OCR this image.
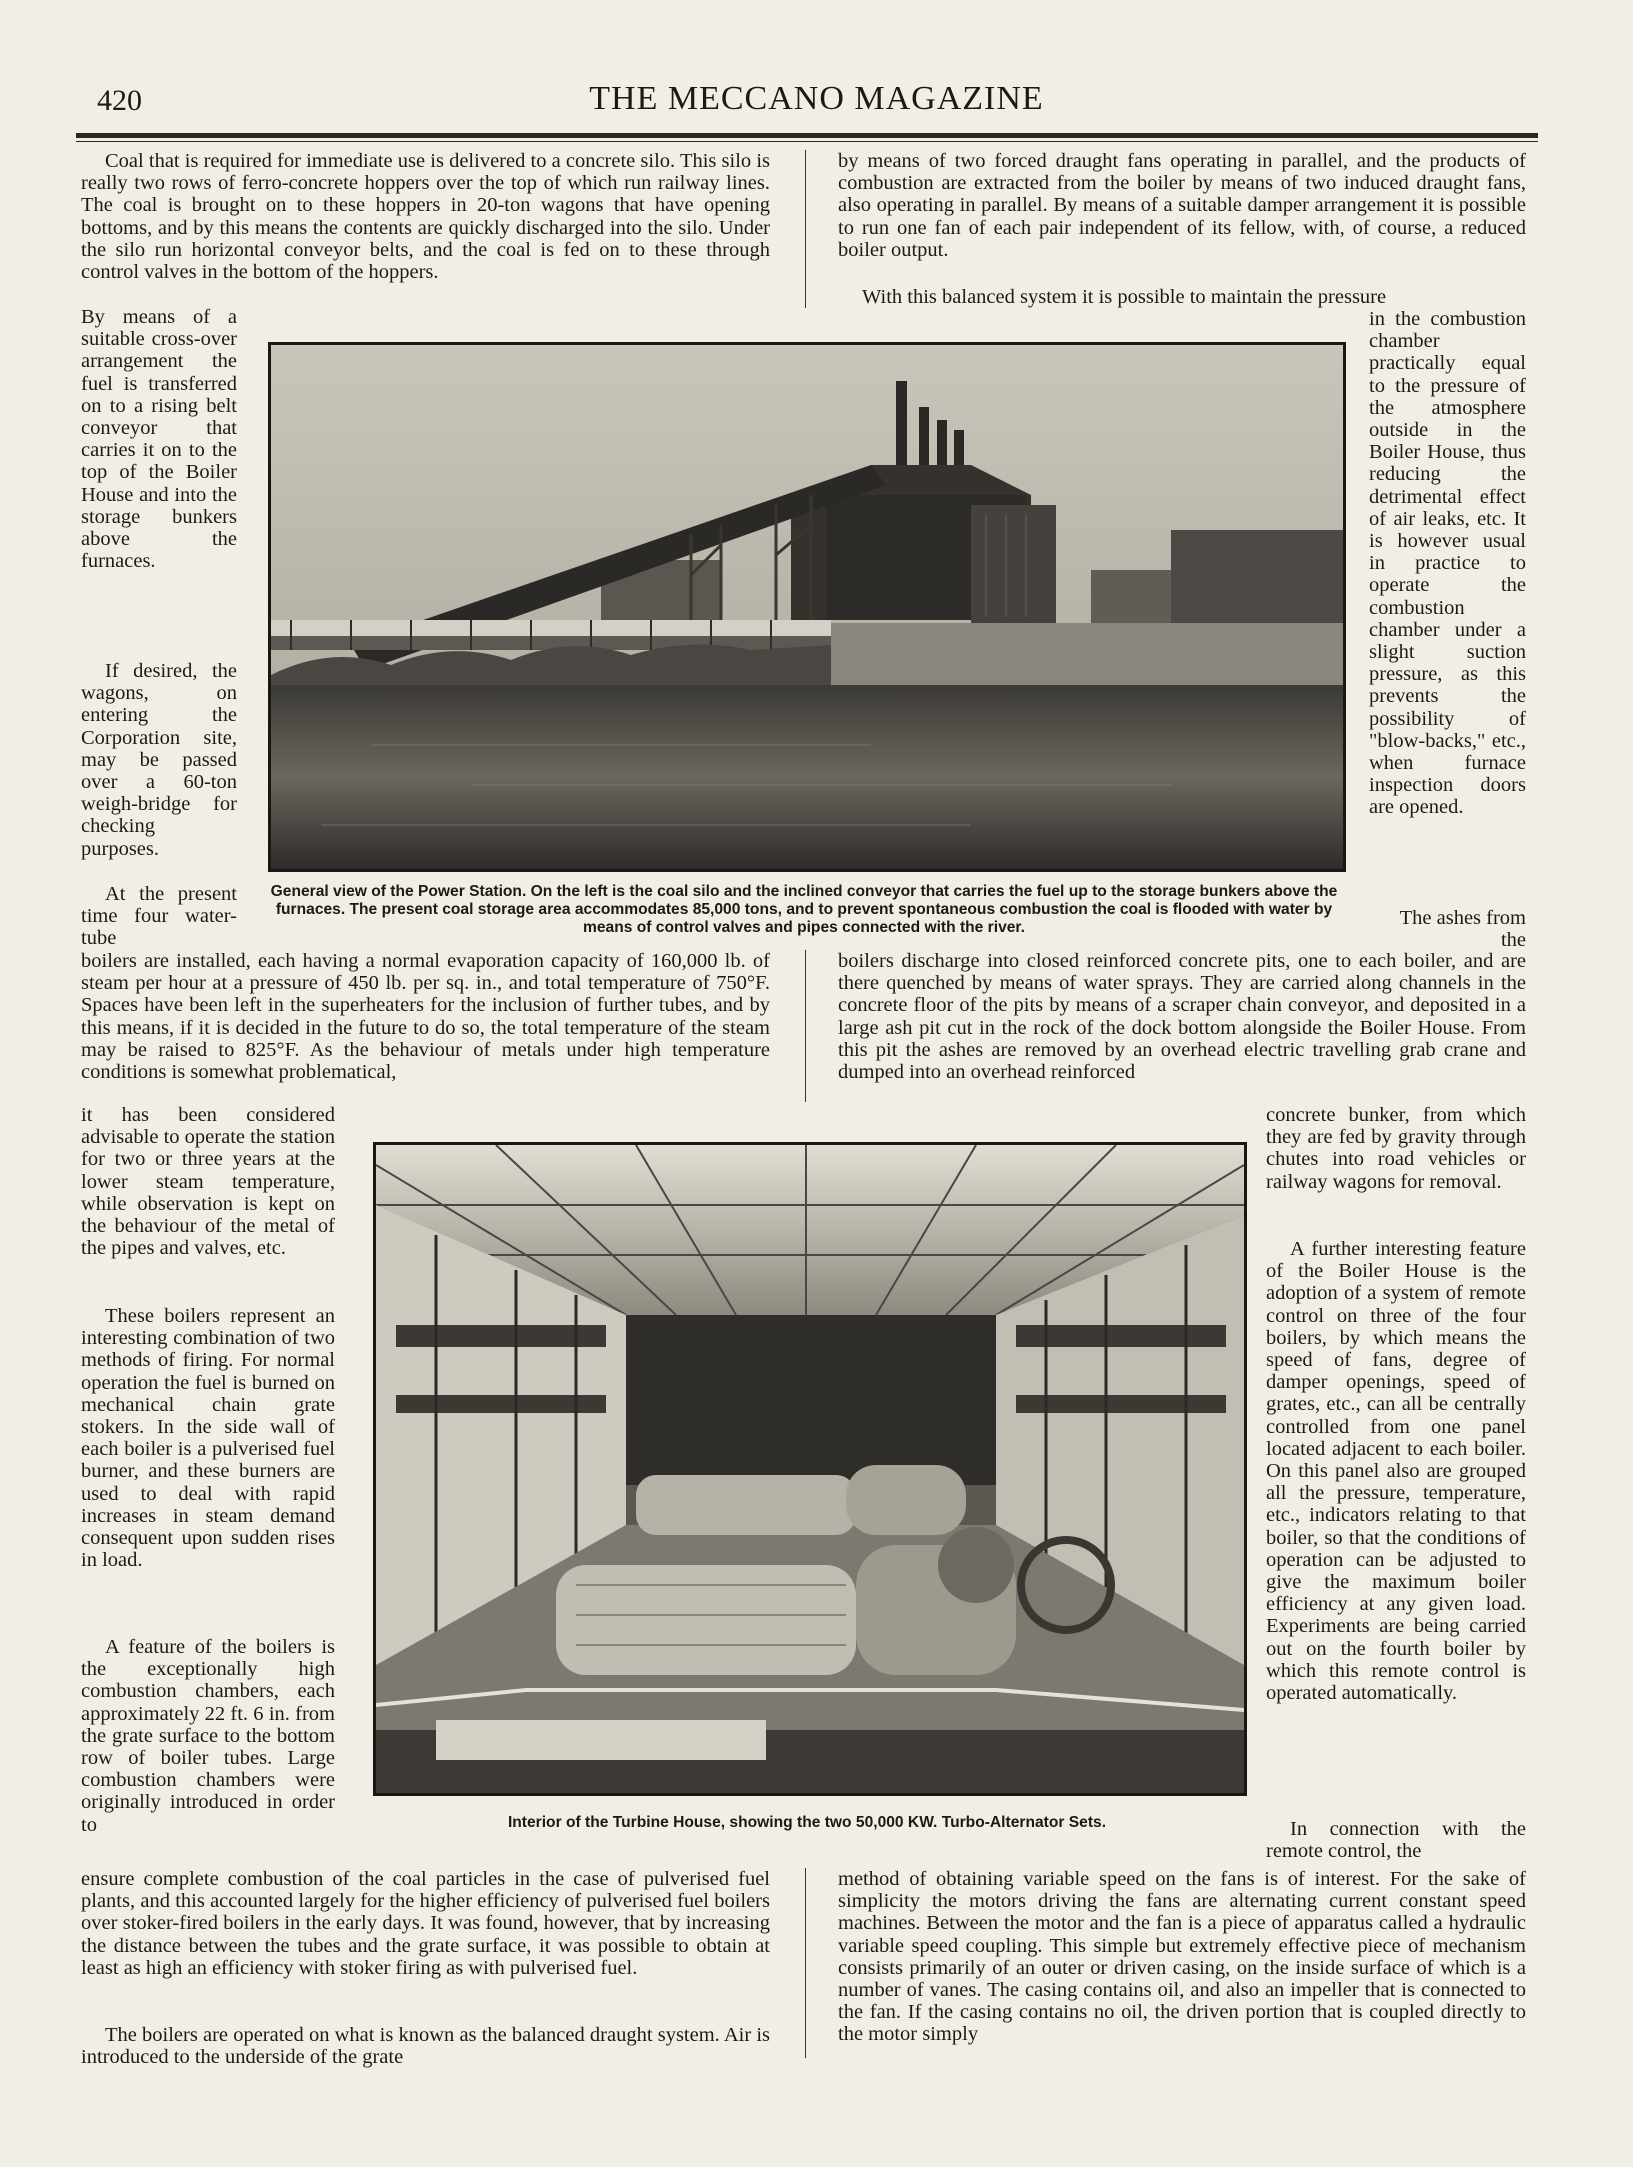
420	THE MECCANO MAGAZINE

Coal that is required for immediate use is delivered to a concrete silo. This silo is really two rows of ferro-concrete hoppers over the top of which run railway lines. The coal is brought on to these hoppers in 20-ton wagons that have opening bottoms, and by this means the contents are quickly discharged into the silo. Under the silo run horizontal conveyor belts, and the coal is fed on to these through control valves in the bottom of the hoppers.

by means of two forced draught fans operating in parallel, and the products of combustion are extracted from the boiler by means of two induced draught fans, also operating in parallel. By means of a suitable damper arrangement it is possible to run one fan of each pair independent of its fellow, with, of course, a reduced boiler output.

With this balanced system it is possible to maintain the pressure

By means of a suitable cross-over arrangement the fuel is transferred on to a rising belt conveyor that carries it on to the top of the Boiler House and into the storage bunkers above the furnaces.

If desired, the wagons, on entering the Corporation site, may be passed over a 60-ton weigh-bridge for checking purposes.

At the present time four water-tube

General view of the Power Station. On the left is the coal silo and the inclined conveyor that carries the fuel up to the storage bunkers above the furnaces. The present coal storage area accommodates 85,000 tons, and to prevent spontaneous combustion the coal is flooded with water by means of control valves and pipes connected with the river.

in the combustion chamber practically equal to the pressure of the atmosphere outside in the Boiler House, thus reducing the detrimental effect of air leaks, etc. It is however usual in practice to operate the combustion chamber under a slight suction pressure, as this prevents the possibility of "blow-backs," etc., when furnace inspection doors are opened.

The ashes from the

boilers are installed, each having a normal evaporation capacity of 160,000 lb. of steam per hour at a pressure of 450 lb. per sq. in., and total temperature of 750°F. Spaces have been left in the superheaters for the inclusion of further tubes, and by this means, if it is decided in the future to do so, the total temperature of the steam may be raised to 825°F. As the behaviour of metals under high temperature conditions is somewhat problematical,

boilers discharge into closed reinforced concrete pits, one to each boiler, and are there quenched by means of water sprays. They are carried along channels in the concrete floor of the pits by means of a scraper chain conveyor, and deposited in a large ash pit cut in the rock of the dock bottom alongside the Boiler House. From this pit the ashes are removed by an overhead electric travelling grab crane and dumped into an overhead reinforced

it has been considered advisable to operate the station for two or three years at the lower steam temperature, while observation is kept on the behaviour of the metal of the pipes and valves, etc.

These boilers represent an interesting combination of two methods of firing. For normal operation the fuel is burned on mechanical chain grate stokers. In the side wall of each boiler is a pulverised fuel burner, and these burners are used to deal with rapid increases in steam demand consequent upon sudden rises in load.

A feature of the boilers is the exceptionally high combustion chambers, each approximately 22 ft. 6 in. from the grate surface to the bottom row of boiler tubes. Large combustion chambers were originally introduced in order to	Interior of the Turbine House, showing the two 50,000 KW. Turbo-Alternator Sets.

concrete bunker, from which they are fed by gravity through chutes into road vehicles or railway wagons for removal.

A further interesting feature of the Boiler House is the adoption of a system of remote control on three of the four boilers, by which means the speed of fans, degree of damper openings, speed of grates, etc., can all be centrally controlled from one panel located adjacent to each boiler. On this panel also are grouped all the pressure, temperature, etc., indicators relating to that boiler, so that the conditions of operation can be adjusted to give the maximum boiler efficiency at any given load. Experiments are being carried out on the fourth boiler by which this remote control is operated automatically.

In connection with the remote control, the

ensure complete combustion of the coal particles in the case of pulverised fuel plants, and this accounted largely for the higher efficiency of pulverised fuel boilers over stoker-fired boilers in the early days. It was found, however, that by increasing the distance between the tubes and the grate surface, it was possible to obtain at least as high an efficiency with stoker firing as with pulverised fuel.

The boilers are operated on what is known as the balanced draught system. Air is introduced to the underside of the grate

method of obtaining variable speed on the fans is of interest. For the sake of simplicity the motors driving the fans are alternating current constant speed machines. Between the motor and the fan is a piece of apparatus called a hydraulic variable speed coupling. This simple but extremely effective piece of mechanism consists primarily of an outer or driven casing, on the inside surface of which is a number of vanes. The casing contains oil, and also an impeller that is connected to the fan. If the casing contains no oil, the driven portion that is coupled directly to the motor simply
